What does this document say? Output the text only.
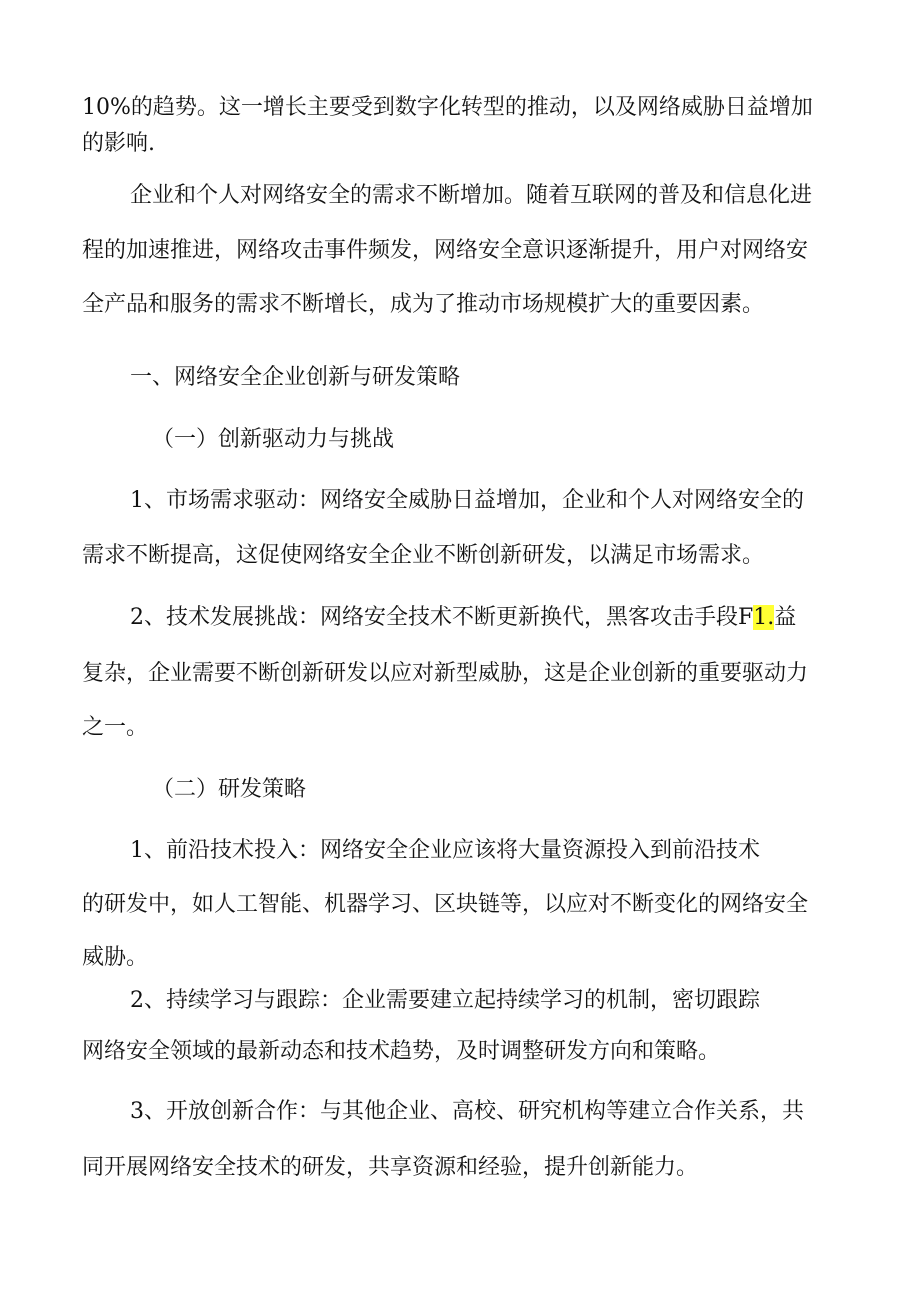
10%的趋势。这一增长主要受到数字化转型的推动，以及网络威胁日益增加
的影响.
企业和个人对网络安全的需求不断增加。随着互联网的普及和信息化进
程的加速推进，网络攻击事件频发，网络安全意识逐渐提升，用户对网络安
全产品和服务的需求不断增长，成为了推动市场规模扩大的重要因素。
一、网络安全企业创新与研发策略
（一）创新驱动力与挑战
1、市场需求驱动：网络安全威胁日益增加，企业和个人对网络安全的
需求不断提高，这促使网络安全企业不断创新研发，以满足市场需求。
2、技术发展挑战：网络安全技术不断更新换代，黑客攻击手段F1.益
复杂，企业需要不断创新研发以应对新型威胁，这是企业创新的重要驱动力
之一。
（二）研发策略
1、前沿技术投入：网络安全企业应该将大量资源投入到前沿技术
的研发中，如人工智能、机器学习、区块链等，以应对不断变化的网络安全
威胁。
2、持续学习与跟踪：企业需要建立起持续学习的机制，密切跟踪
网络安全领域的最新动态和技术趋势，及时调整研发方向和策略。
3、开放创新合作：与其他企业、高校、研究机构等建立合作关系，共
同开展网络安全技术的研发，共享资源和经验，提升创新能力。
